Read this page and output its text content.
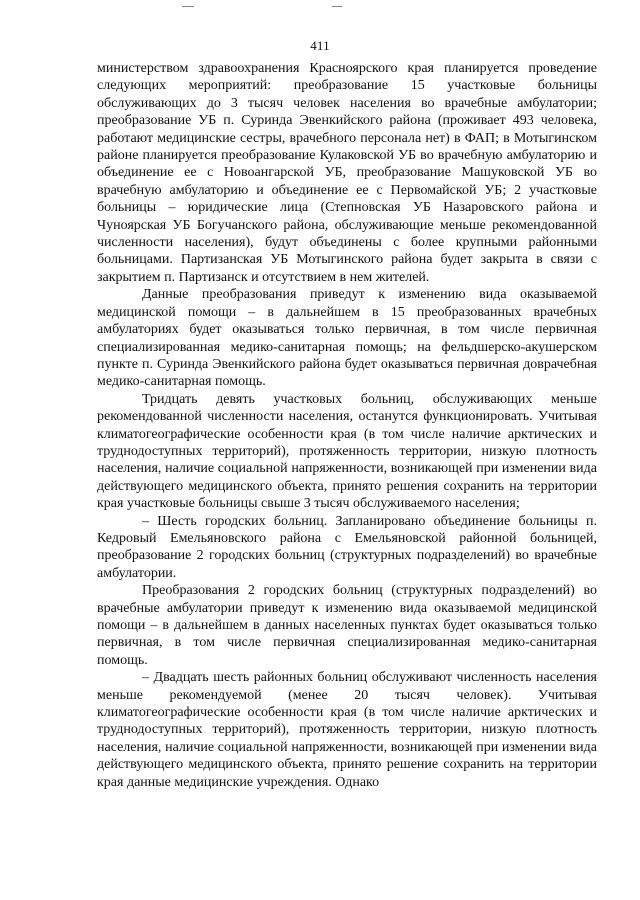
411

министерством здравоохранения Красноярского края планируется проведение следующих мероприятий: преобразование 15 участковые больницы обслуживающих до 3 тысяч человек населения во врачебные амбулатории; преобразование УБ п. Суринда Эвенкийского района (проживает 493 человека, работают медицинские сестры, врачебного персонала нет) в ФАП; в Мотыгинском районе планируется преобразование Кулаковской УБ во врачебную амбулаторию и объединение ее с Новоангарской УБ, преобразование Машуковской УБ во врачебную амбулаторию и объединение ее с Первомайской УБ; 2 участковые больницы – юридические лица (Степновская УБ Назаровского района и Чуноярская УБ Богучанского района, обслуживающие меньше рекомендованной численности населения), будут объединены с более крупными районными больницами. Партизанская УБ Мотыгинского района будет закрыта в связи с закрытием п. Партизанск и отсутствием в нем жителей.

Данные преобразования приведут к изменению вида оказываемой медицинской помощи – в дальнейшем в 15 преобразованных врачебных амбулаториях будет оказываться только первичная, в том числе первичная специализированная медико-санитарная помощь; на фельдшерско-акушерском пункте п. Суринда Эвенкийского района будет оказываться первичная доврачебная медико-санитарная помощь.

Тридцать девять участковых больниц, обслуживающих меньше рекомендованной численности населения, останутся функционировать. Учитывая климатогеографические особенности края (в том числе наличие арктических и труднодоступных территорий), протяженность территории, низкую плотность населения, наличие социальной напряженности, возникающей при изменении вида действующего медицинского объекта, принято решения сохранить на территории края участковые больницы свыше 3 тысяч обслуживаемого населения;

– Шесть городских больниц. Запланировано объединение больницы п. Кедровый Емельяновского района с Емельяновской районной больницей, преобразование 2 городских больниц (структурных подразделений) во врачебные амбулатории.

Преобразования 2 городских больниц (структурных подразделений) во врачебные амбулатории приведут к изменению вида оказываемой медицинской помощи – в дальнейшем в данных населенных пунктах будет оказываться только первичная, в том числе первичная специализированная медико-санитарная помощь.

– Двадцать шесть районных больниц обслуживают численность населения меньше рекомендуемой (менее 20 тысяч человек). Учитывая климатогеографические особенности края (в том числе наличие арктических и труднодоступных территорий), протяженность территории, низкую плотность населения, наличие социальной напряженности, возникающей при изменении вида действующего медицинского объекта, принято решение сохранить на территории края данные медицинские учреждения. Однако
